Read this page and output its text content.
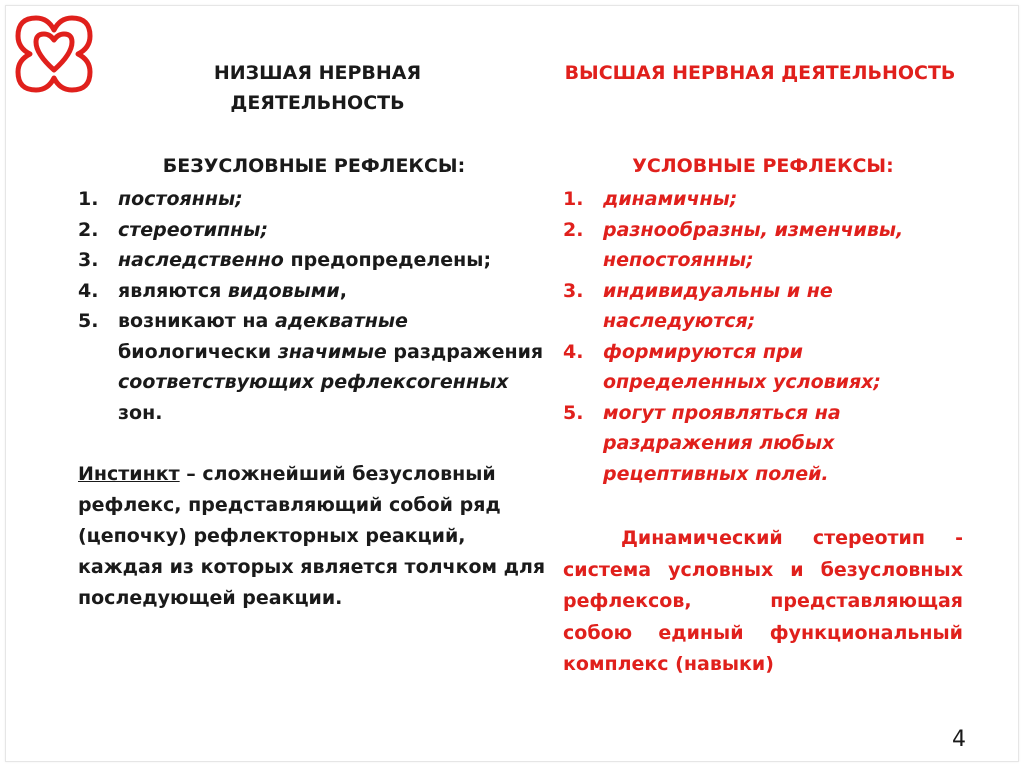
НИЗШАЯ НЕРВНАЯ ДЕЯТЕЛЬНОСТЬ
ВЫСШАЯ НЕРВНАЯ ДЕЯТЕЛЬНОСТЬ
БЕЗУСЛОВНЫЕ РЕФЛЕКСЫ:	УСЛОВНЫЕ РЕФЛЕКСЫ:
1.	постоянны;
2.	стереотипны;
3.	наследственно предопределены;
4.	являются видовыми,
5.	возникают на адекватные биологически значимые раздражения соответствующих рефлексогенных зон.
1.	динамичны;
2.	разнообразны, изменчивы, непостоянны;
3.	индивидуальны и не наследуются;
4.	формируются при определенных условиях;
5.	могут проявляться на раздражения любых рецептивных полей.
Инстинкт – сложнейший безусловный рефлекс, представляющий собой ряд (цепочку) рефлекторных реакций, каждая из которых является толчком для последующей реакции.
Динамический стереотип - система условных и безусловных рефлексов, представляющая собою единый функциональный комплекс (навыки)
4
